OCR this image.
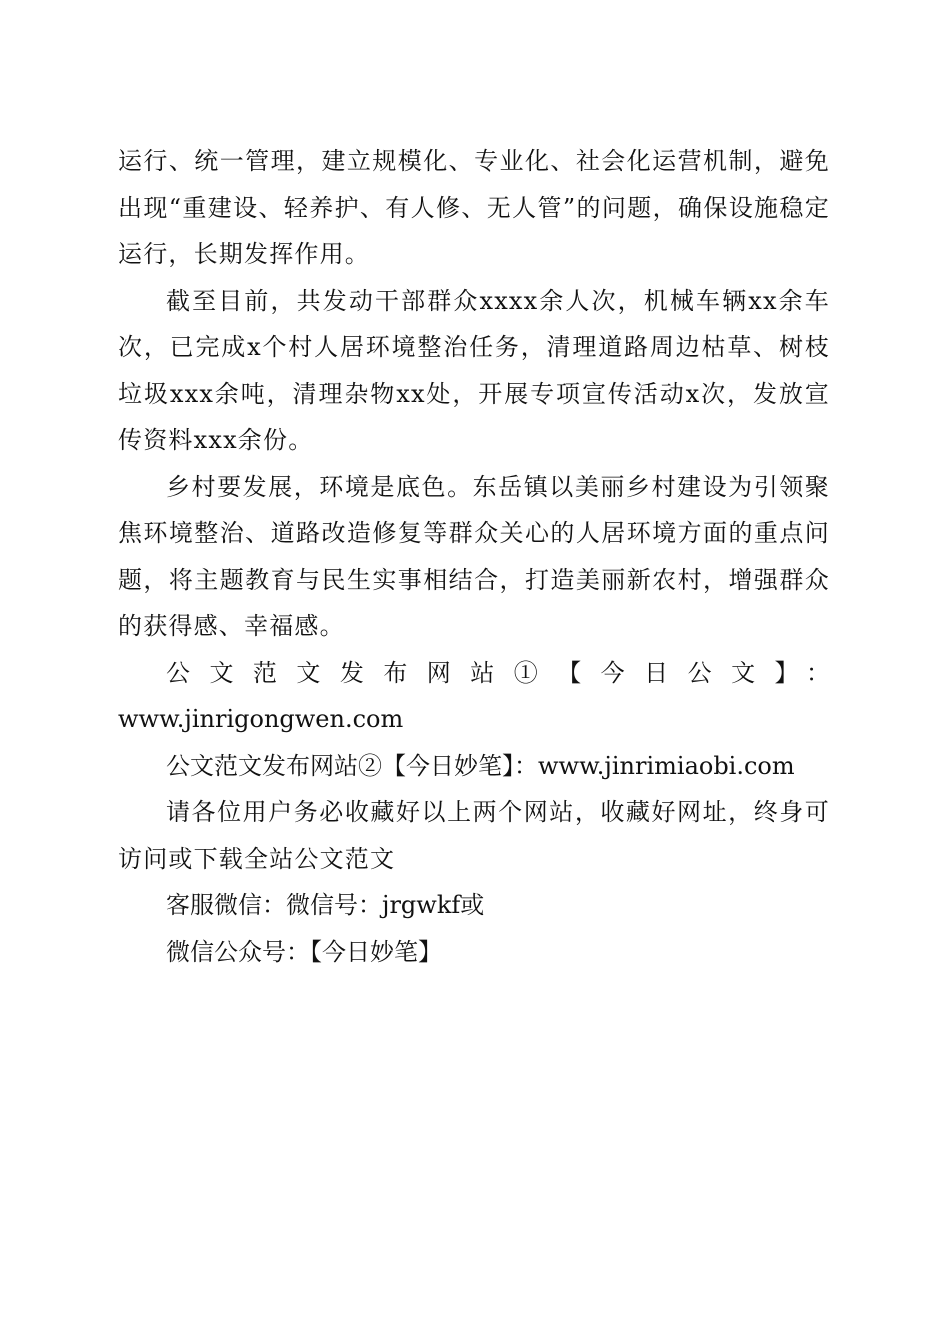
运行、统一管理，建立规模化、专业化、社会化运营机制，避免出现“重建设、轻养护、有人修、无人管”的问题，确保设施稳定运行，长期发挥作用。

截至目前，共发动干部群众xxxx余人次，机械车辆xx余车次，已完成x个村人居环境整治任务，清理道路周边枯草、树枝垃圾xxx余吨，清理杂物xx处，开展专项宣传活动x次，发放宣传资料xxx余份。

乡村要发展，环境是底色。东岳镇以美丽乡村建设为引领聚焦环境整治、道路改造修复等群众关心的人居环境方面的重点问题，将主题教育与民生实事相结合，打造美丽新农村，增强群众的获得感、幸福感。

公文范文发布网站①【今日公文】：

www.jinrigongwen.com

公文范文发布网站②【今日妙笔】：www.jinrimiaobi.com

请各位用户务必收藏好以上两个网站，收藏好网址，终身可访问或下载全站公文范文

客服微信：微信号：jrgwkf或

微信公众号：【今日妙笔】
